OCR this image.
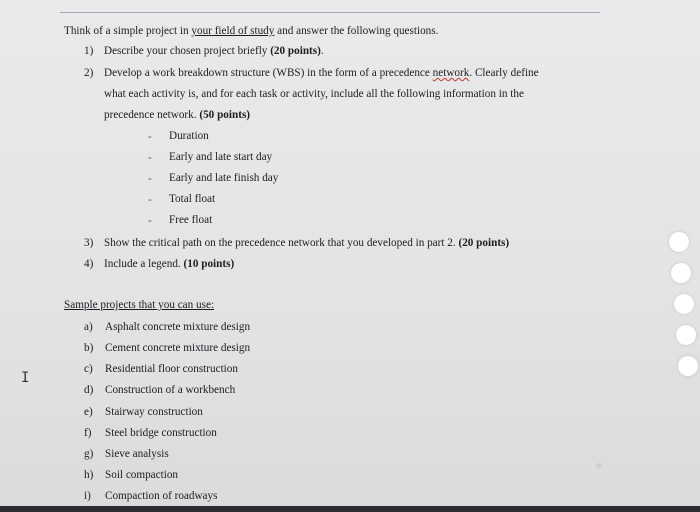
Think of a simple project in your field of study and answer the following questions.
1) Describe your chosen project briefly (20 points).
2) Develop a work breakdown structure (WBS) in the form of a precedence network. Clearly define
what each activity is, and for each task or activity, include all the following information in the
precedence network. (50 points)
- Duration
- Early and late start day
- Early and late finish day
- Total float
- Free float
3) Show the critical path on the precedence network that you developed in part 2. (20 points)
4) Include a legend. (10 points)
Sample projects that you can use:
a) Asphalt concrete mixture design
b) Cement concrete mixture design
c) Residential floor construction
d) Construction of a workbench
e) Stairway construction
f) Steel bridge construction
g) Sieve analysis
h) Soil compaction
i) Compaction of roadways
I
